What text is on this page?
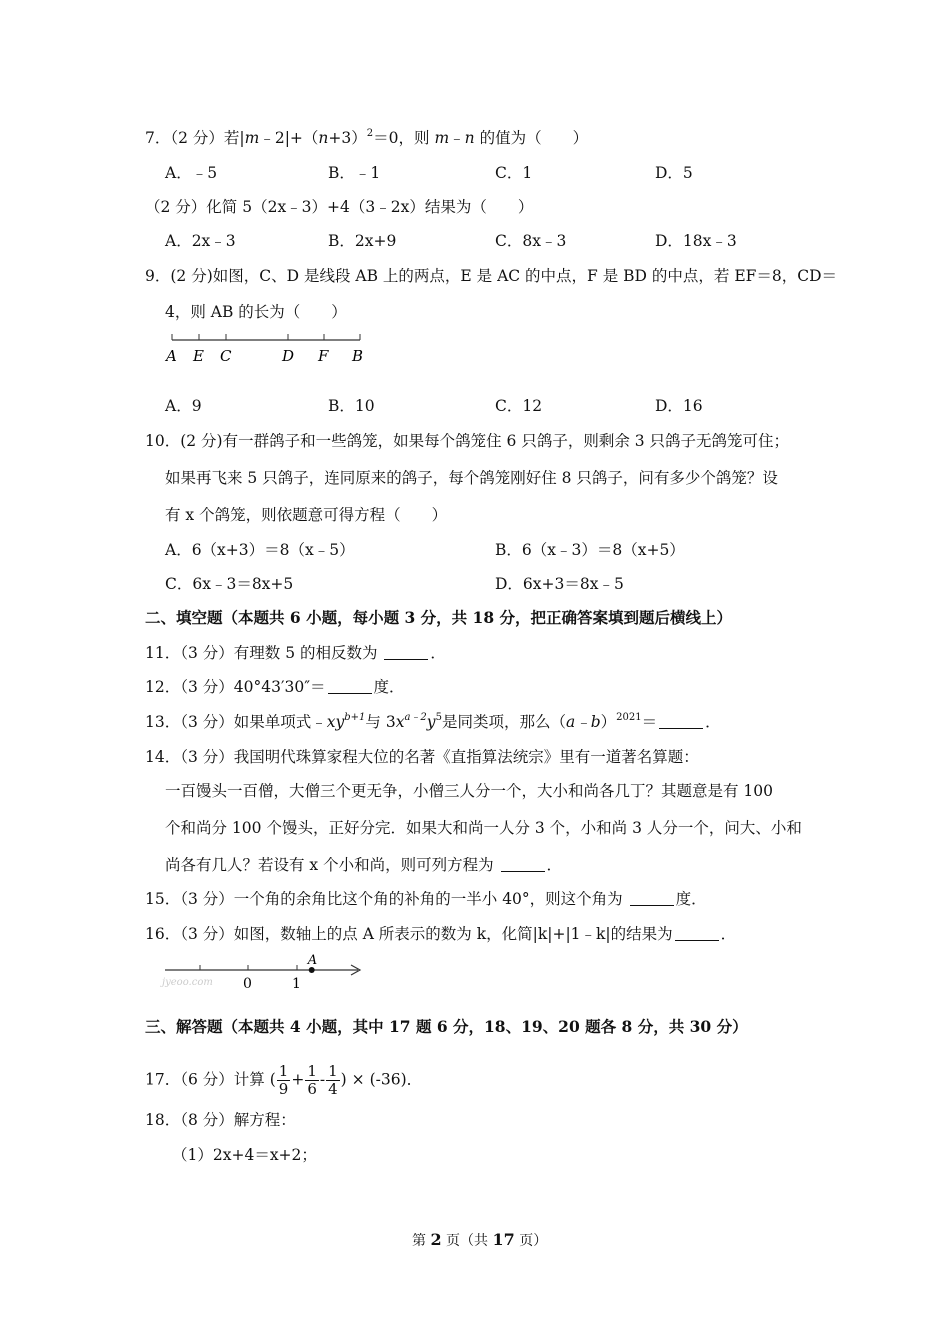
7．（2 分）若$|m﹣2|+(n+3)^2=0$，则 m﹣n 的值为（　　）
A．﹣5	B．﹣1	C．1	D．5
（2 分）化简 5（2x﹣3）+4（3﹣2x）结果为（　　）
A．2x﹣3	B．2x+9	C．8x﹣3	D．18x﹣3
9．(2 分)如图，C、D 是线段 AB 上的两点，E 是 AC 的中点，F 是 BD 的中点，若 EF＝8，CD＝
4，则 AB 的长为（　　）
A E C	D F B
A．9	B．10	C．12	D．16
10．(2 分)有一群鸽子和一些鸽笼，如果每个鸽笼住 6 只鸽子，则剩余 3 只鸽子无鸽笼可住；
如果再飞来 5 只鸽子，连同原来的鸽子，每个鸽笼刚好住 8 只鸽子，问有多少个鸽笼？设
有 x 个鸽笼，则依题意可得方程（　　）
A．6（x+3）＝8（x﹣5）	B．6（x﹣3）＝8（x+5）
C．6x﹣3＝8x+5	D．6x+3＝8x﹣5
二、填空题（本题共 6 小题，每小题 3 分，共 18 分，把正确答案填到题后横线上）
11．（3 分）有理数 5 的相反数为	．
12．（3 分）40°43′30″＝	度．
13．（3 分）如果单项式$﹣xy^{b+1}$与 $3x^{a﹣2}y^5$是同类项，那么（a﹣b）$^{2021}$＝	．
14．（3 分）我国明代珠算家程大位的名著《直指算法统宗》里有一道著名算题：
一百馒头一百僧，大僧三个更无争，小僧三人分一个，大小和尚各几丁？其题意是有 100
个和尚分 100 个馒头，正好分完．如果大和尚一人分 3 个，小和尚 3 人分一个，问大、小和
尚各有几人？若设有 x 个小和尚，则可列方程为	．
15．（3 分）一个角的余角比这个角的补角的一半小 40°，则这个角为	度．
16．（3 分）如图，数轴上的点 A 所表示的数为 k，化简|k|+|1﹣k|的结果为	．
jyeoo.com 0	1
A
三、解答题（本题共 4 小题，其中 17 题 6 分，18、19、20 题各 8 分，共 30 分）
17．（6 分）计算 ( $\frac{1}{9} + \frac{1}{6} - \frac{1}{4}$ ) × (-36)．
18．（8 分）解方程：
（1）2x+4＝x+2；
第 2 页（共 17 页）
